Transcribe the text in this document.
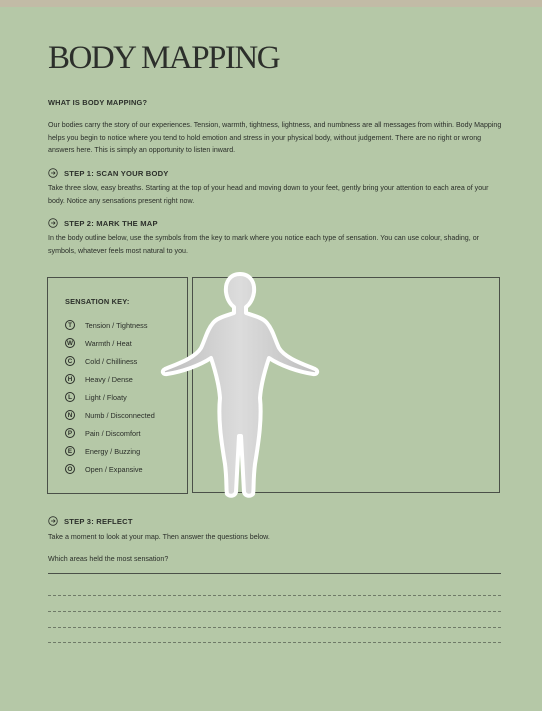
BODY MAPPING
WHAT IS BODY MAPPING?
Our bodies carry the story of our experiences. Tension, warmth, tightness, lightness, and numbness are all messages from within. Body Mapping helps you begin to notice where you tend to hold emotion and stress in your physical body, without judgement. There are no right or wrong answers here. This is simply an opportunity to listen inward.
STEP 1: SCAN YOUR BODY
Take three slow, easy breaths. Starting at the top of your head and moving down to your feet, gently bring your attention to each area of your body. Notice any sensations present right now.
STEP 2: MARK THE MAP
In the body outline below, use the symbols from the key to mark where you notice each type of sensation. You can use colour, shading, or symbols, whatever feels most natural to you.
SENSATION KEY:
T	Tension / Tightness
W Warmth / Heat
C	Cold / Chilliness
H	Heavy / Dense
L	Light / Floaty
N	Numb / Disconnected
P	Pain / Discomfort
E	Energy / Buzzing
O	Open / Expansive
STEP 3: REFLECT
Take a moment to look at your map. Then answer the questions below.
Which areas held the most sensation?
